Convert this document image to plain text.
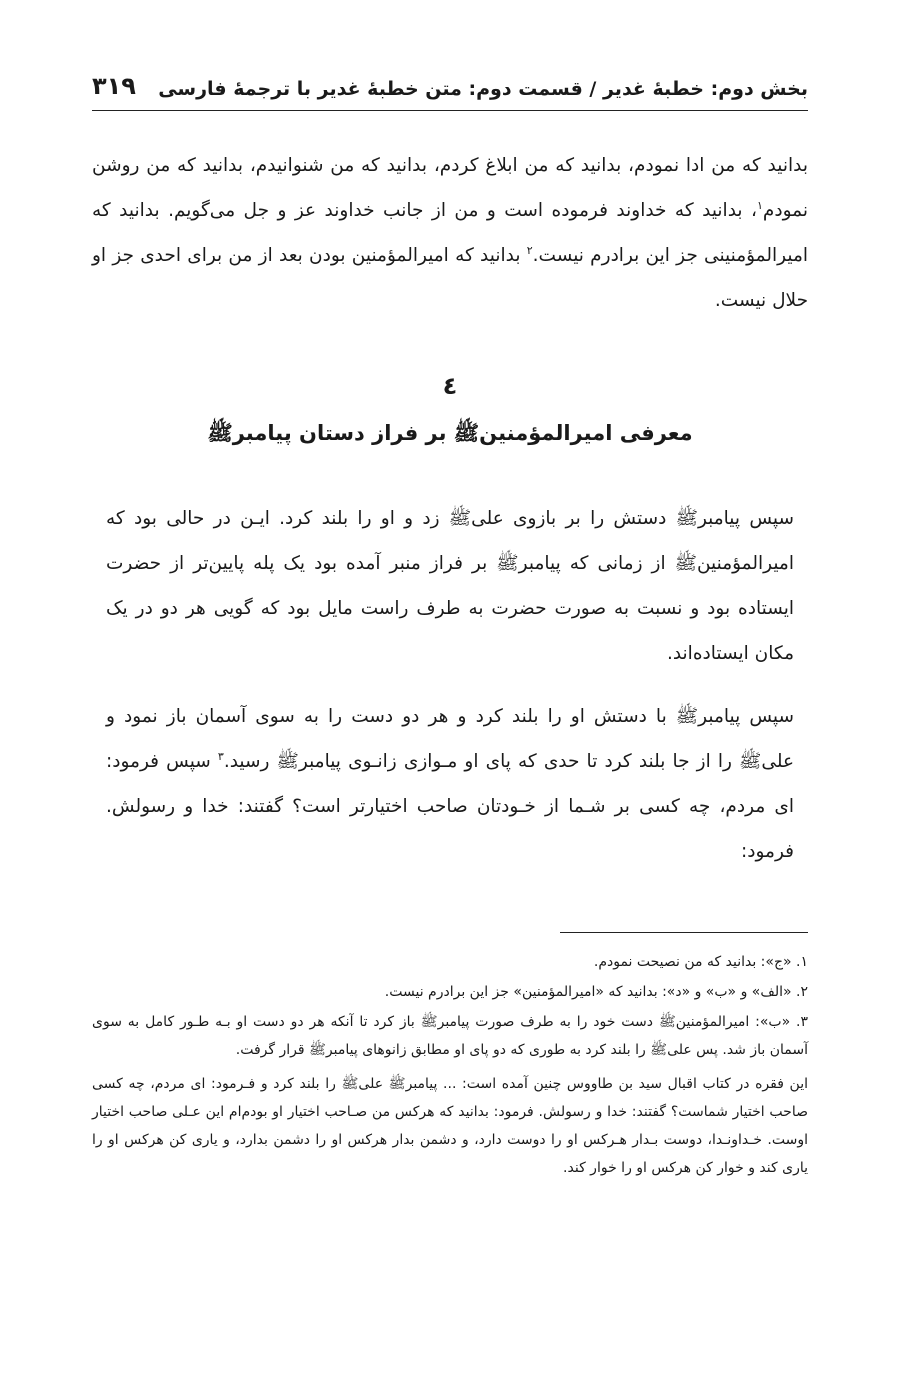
بخش دوم: خطبهٔ غدیر / قسمت دوم: متن خطبهٔ غدیر با ترجمهٔ فارسی
۳۱۹

بدانید که من ادا نمودم، بدانید که من ابلاغ کردم، بدانید که من شنوانیدم، بدانید که من روشن نمودم$^۱$، بدانید که خداوند فرموده است و من از جانب خداوند عز و جل می‌گویم. بدانید که امیرالمؤمنینی جز این برادرم نیست.$^۲$ بدانید که امیرالمؤمنین بودن بعد از من برای احدی جز او حلال نیست.

٤
معرفی امیرالمؤمنینﷺ بر فراز دستان پیامبرﷺ

سپس پیامبرﷺ دستش را بر بازوی علیﷺ زد و او را بلند کرد. ایـن در حالی بود که امیرالمؤمنینﷺ از زمانی که پیامبرﷺ بر فراز منبر آمده بود یک پله پایین‌تر از حضرت ایستاده بود و نسبت به صورت حضرت به طرف راست مایل بود که گویی هر دو در یک مکان ایستاده‌اند.

سپس پیامبرﷺ با دستش او را بلند کرد و هر دو دست را به سوی آسمان باز نمود و علیﷺ را از جا بلند کرد تا حدی که پای او مـوازی زانـوی پیامبرﷺ رسید.$^۳$ سپس فرمود: ای مردم، چه کسی بر شـما از خـودتان صاحب اختیارتر است؟ گفتند: خدا و رسولش. فرمود:

۱. «ج»: بدانید که من نصیحت نمودم.

۲. «الف» و «ب» و «د»: بدانید که «امیرالمؤمنین» جز این برادرم نیست.

۳. «ب»: امیرالمؤمنینﷺ دست خود را به طرف صورت پیامبرﷺ باز کرد تا آنکه هر دو دست او بـه طـور کامل به سوی آسمان باز شد. پس علیﷺ را بلند کرد به طوری که دو پای او مطابق زانوهای پیامبرﷺ قرار گرفت.

این فقره در کتاب اقبال سید بن طاووس چنین آمده است: ... پیامبرﷺ علیﷺ را بلند کرد و فـرمود: ای مردم، چه کسی صاحب اختیار شماست؟ گفتند: خدا و رسولش. فرمود: بدانید که هرکس من صـاحب اختیار او بودم‌ام این عـلی صاحب اختیار اوست. خـداونـدا، دوست بـدار هـرکس او را دوست دارد، و دشمن بدار هرکس او را دشمن بدارد، و یاری کن هرکس او را یاری کند و خوار کن هرکس او را خوار کند.
